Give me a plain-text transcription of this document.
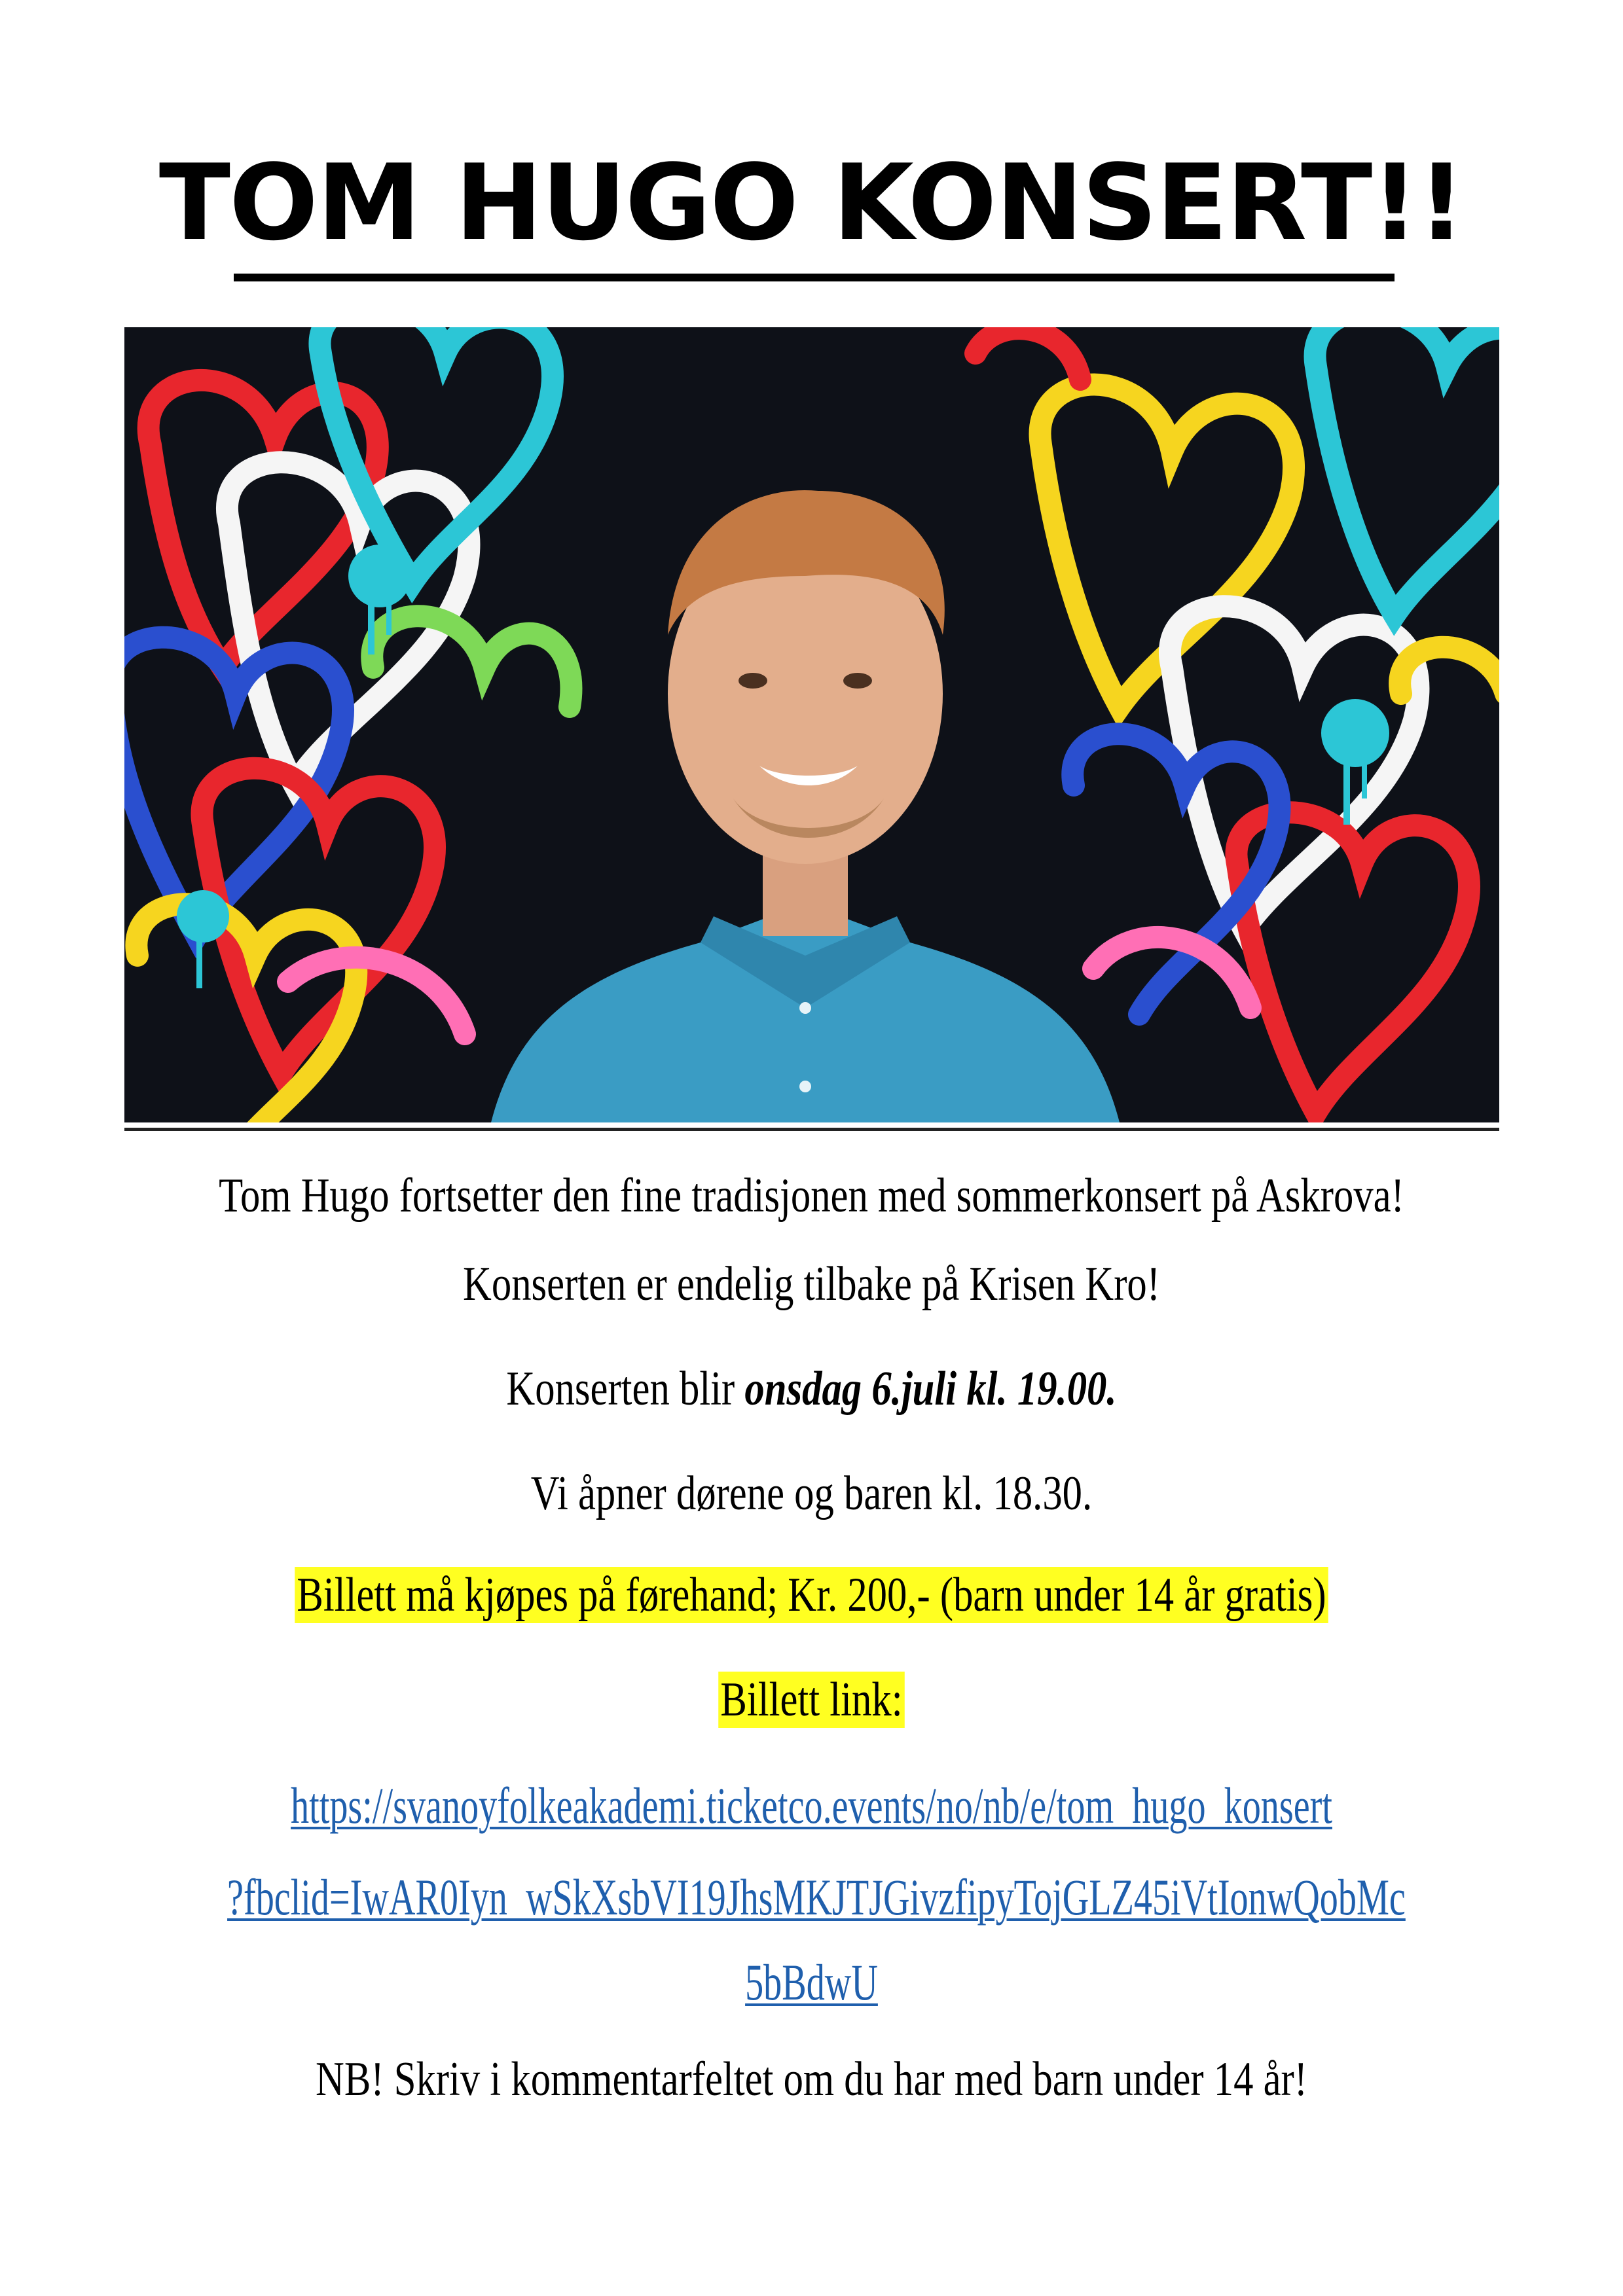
TOM HUGO KONSERT!!

Tom Hugo fortsetter den fine tradisjonen med sommerkonsert på Askrova!

Konserten er endelig tilbake på Krisen Kro!

Konserten blir onsdag 6.juli kl. 19.00.

Vi åpner dørene og baren kl. 18.30.

Billett må kjøpes på førehand; Kr. 200,- (barn under 14 år gratis)

Billett link:

https://svanoyfolkeakademi.ticketco.events/no/nb/e/tom_hugo_konsert
?fbclid=IwAR0Iyn_wSkXsbVI19JhsMKJTJGivzfipyTojGLZ45iVtIonwQobMc
5bBdwU

NB! Skriv i kommentarfeltet om du har med barn under 14 år!
